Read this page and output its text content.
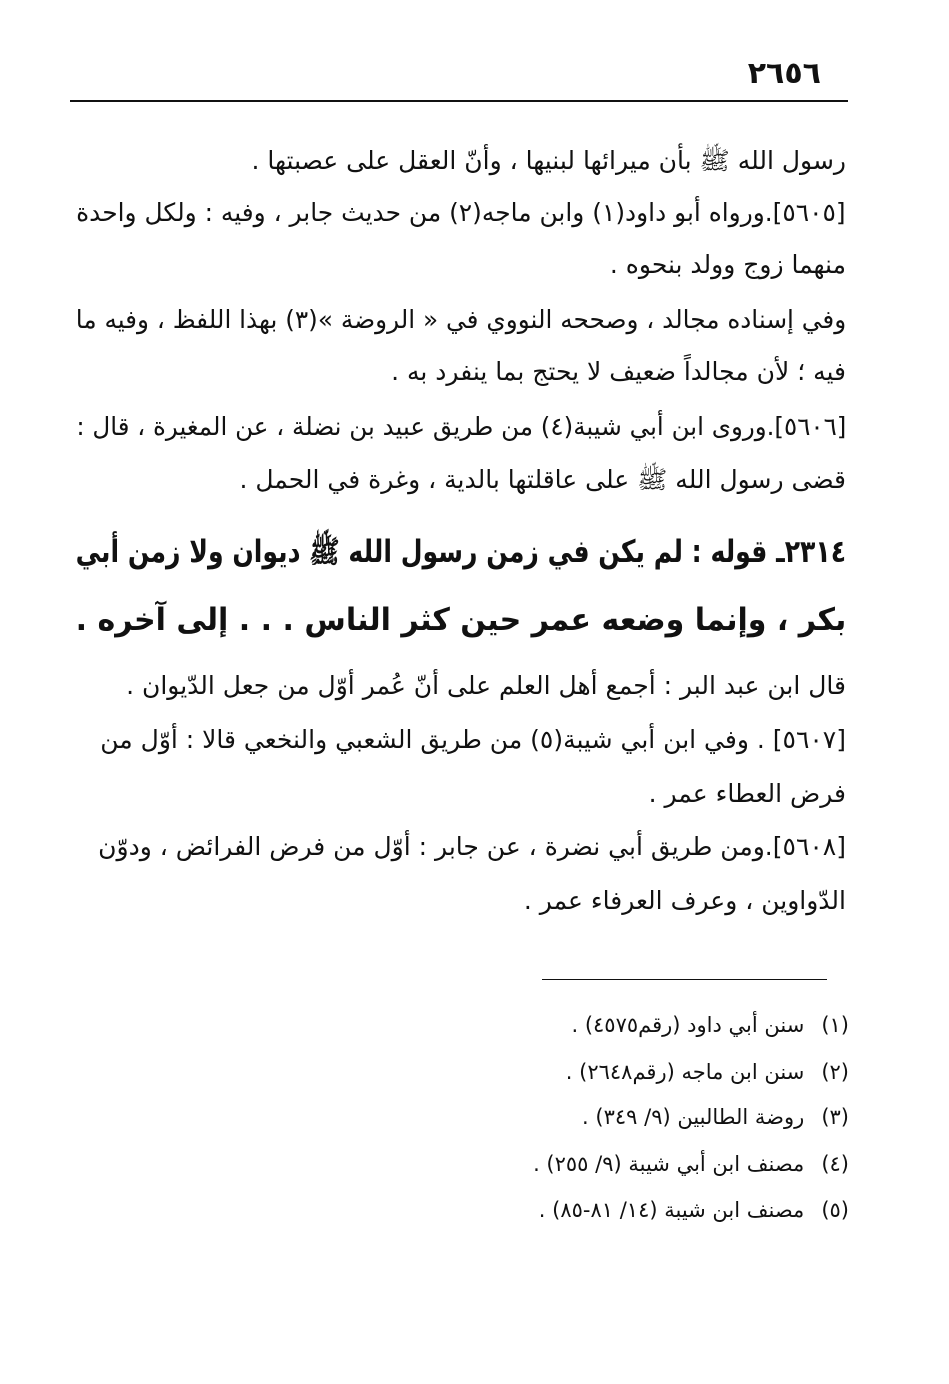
٢٦٥٦
رسول الله ﷺ بأن ميرائها لبنيها ، وأنّ العقل على عصبتها .
[٥٦٠٥].ورواه أبو داود(١) وابن ماجه(٢) من حديث جابر ، وفيه : ولكل واحدة
منهما زوج وولد بنحوه .
وفي إسناده مجالد ، وصححه النووي في « الروضة »(٣) بهذا اللفظ ، وفيه ما
فيه ؛ لأن مجالداً ضعيف لا يحتج بما ينفرد به .
[٥٦٠٦].وروى ابن أبي شيبة(٤) من طريق عبيد بن نضلة ، عن المغيرة ، قال :
قضى رسول الله ﷺ على عاقلتها بالدية ، وغرة في الحمل .
٢٣١٤ـ قوله : لم يكن في زمن رسول الله ﷺ ديوان ولا زمن أبي
بكر ، وإنما وضعه عمر حين كثر الناس . . . إلى آخره .
قال ابن عبد البر : أجمع أهل العلم على أنّ عُمر أوّل من جعل الدّيوان .
[٥٦٠٧] . وفي ابن أبي شيبة(٥) من طريق الشعبي والنخعي قالا : أوّل من
فرض العطاء عمر .
[٥٦٠٨].ومن طريق أبي نضرة ، عن جابر : أوّل من فرض الفرائض ، ودوّن
الدّواوين ، وعرف العرفاء عمر .
(١) سنن أبي داود (رقم٤٥٧٥) .
(٢) سنن ابن ماجه (رقم٢٦٤٨) .
(٣) روضة الطالبين (٩/ ٣٤٩) .
(٤) مصنف ابن أبي شيبة (٩/ ٢٥٥) .
(٥) مصنف ابن شيبة (١٤/ ٨١-٨٥) .
